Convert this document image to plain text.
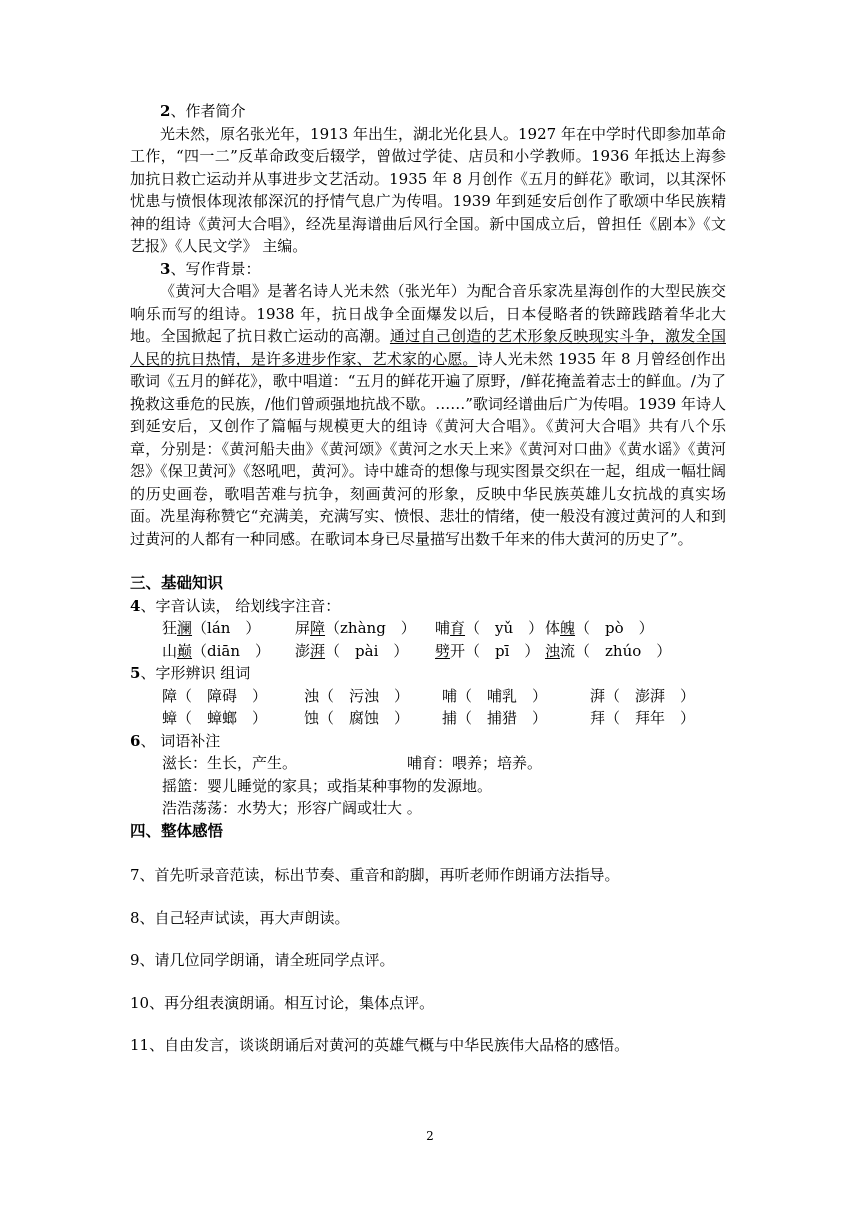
2、作者简介

光未然，原名张光年，1913 年出生，湖北光化县人。1927 年在中学时代即参加革命工作，“四一二”反革命政变后辍学，曾做过学徒、店员和小学教师。1936 年抵达上海参加抗日救亡运动并从事进步文艺活动。1935 年 8 月创作《五月的鲜花》歌词，以其深怀忧患与愤恨体现浓郁深沉的抒情气息广为传唱。1939 年到延安后创作了歌颂中华民族精神的组诗《黄河大合唱》，经冼星海谱曲后风行全国。新中国成立后，曾担任《剧本》《文艺报》《人民文学》 主编。

3、写作背景：

《黄河大合唱》是著名诗人光未然（张光年）为配合音乐家冼星海创作的大型民族交响乐而写的组诗。1938 年，抗日战争全面爆发以后，日本侵略者的铁蹄践踏着华北大地。全国掀起了抗日救亡运动的高潮。通过自己创造的艺术形象反映现实斗争，激发全国人民的抗日热情，是许多进步作家、艺术家的心愿。诗人光未然 1935 年 8 月曾经创作出歌词《五月的鲜花》，歌中唱道：“五月的鲜花开遍了原野，/鲜花掩盖着志士的鲜血。/为了挽救这垂危的民族，/他们曾顽强地抗战不歇。……”歌词经谱曲后广为传唱。1939 年诗人到延安后，又创作了篇幅与规模更大的组诗《黄河大合唱》。《黄河大合唱》共有八个乐章，分别是：《黄河船夫曲》《黄河颂》《黄河之水天上来》《黄河对口曲》《黄水谣》《黄河怨》《保卫黄河》《怒吼吧，黄河》。诗中雄奇的想像与现实图景交织在一起，组成一幅壮阔的历史画卷，歌唱苦难与抗争，刻画黄河的形象，反映中华民族英雄儿女抗战的真实场面。冼星海称赞它“充满美，充满写实、愤恨、悲壮的情绪，使一般没有渡过黄河的人和到过黄河的人都有一种同感。在歌词本身已尽量描写出数千年来的伟大黄河的历史了”。

三、基础知识

4、字音认读， 给划线字注音：

狂澜（lán　）	屏障（zhàng　）	哺育（　yǔ　） 体魄（　pò　）
山巅（diān　）	澎湃（　pài　）	劈开（　pī　） 浊流（　zhúo　）

5、字形辨识 组词

障（　障碍　）	浊（　污浊　）	哺（　哺乳　）	湃（　澎湃　）
蟑（　蟑螂　）	蚀（　腐蚀　）	捕（　捕猎　）	拜（　拜年　）

6、 词语补注

滋长：生长，产生。	哺育：喂养；培养。
摇篮：婴儿睡觉的家具；或指某种事物的发源地。
浩浩荡荡：水势大；形容广阔或壮大 。

四、整体感悟

7、首先听录音范读，标出节奏、重音和韵脚，再听老师作朗诵方法指导。

8、自己轻声试读，再大声朗读。

9、请几位同学朗诵，请全班同学点评。

10、再分组表演朗诵。相互讨论，集体点评。

11、自由发言，谈谈朗诵后对黄河的英雄气概与中华民族伟大品格的感悟。

2
